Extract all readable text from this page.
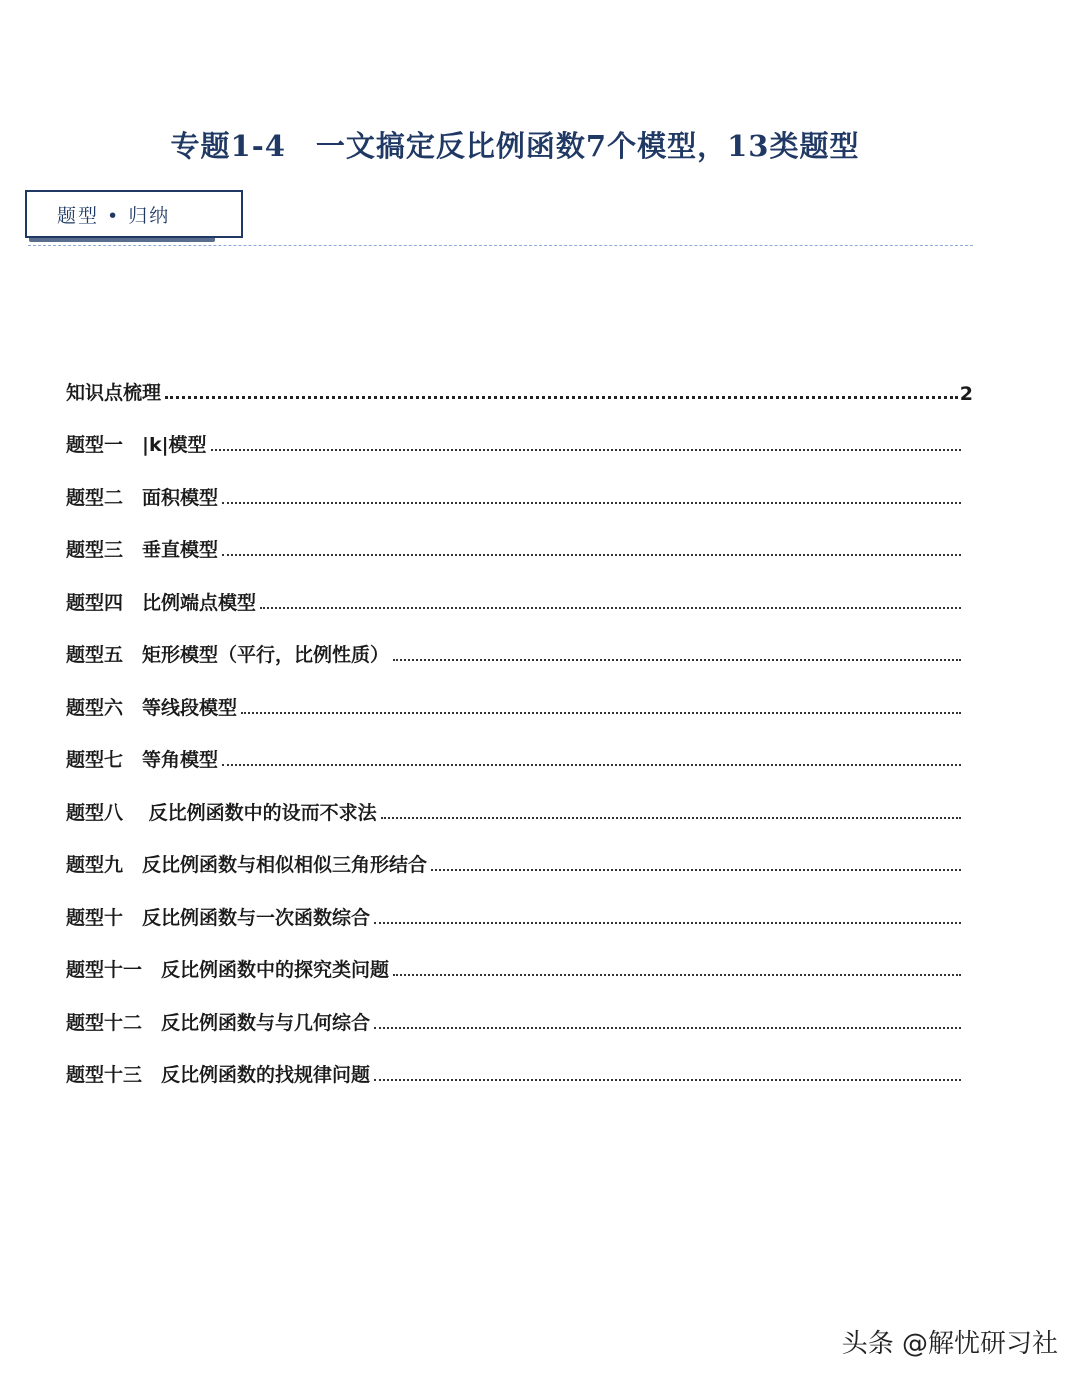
专题1-4　一文搞定反比例函数7个模型，13类题型
题型 • 归纳
知识点梳理	2
题型一　|k|模型
题型二　面积模型
题型三　垂直模型
题型四　比例端点模型
题型五　矩形模型（平行，比例性质）
题型六　等线段模型
题型七　等角模型
题型八　 反比例函数中的设而不求法
题型九　反比例函数与相似相似三角形结合
题型十　反比例函数与一次函数综合
题型十一　反比例函数中的探究类问题
题型十二　反比例函数与与几何综合
题型十三　反比例函数的找规律问题
头条 @解忧研习社
